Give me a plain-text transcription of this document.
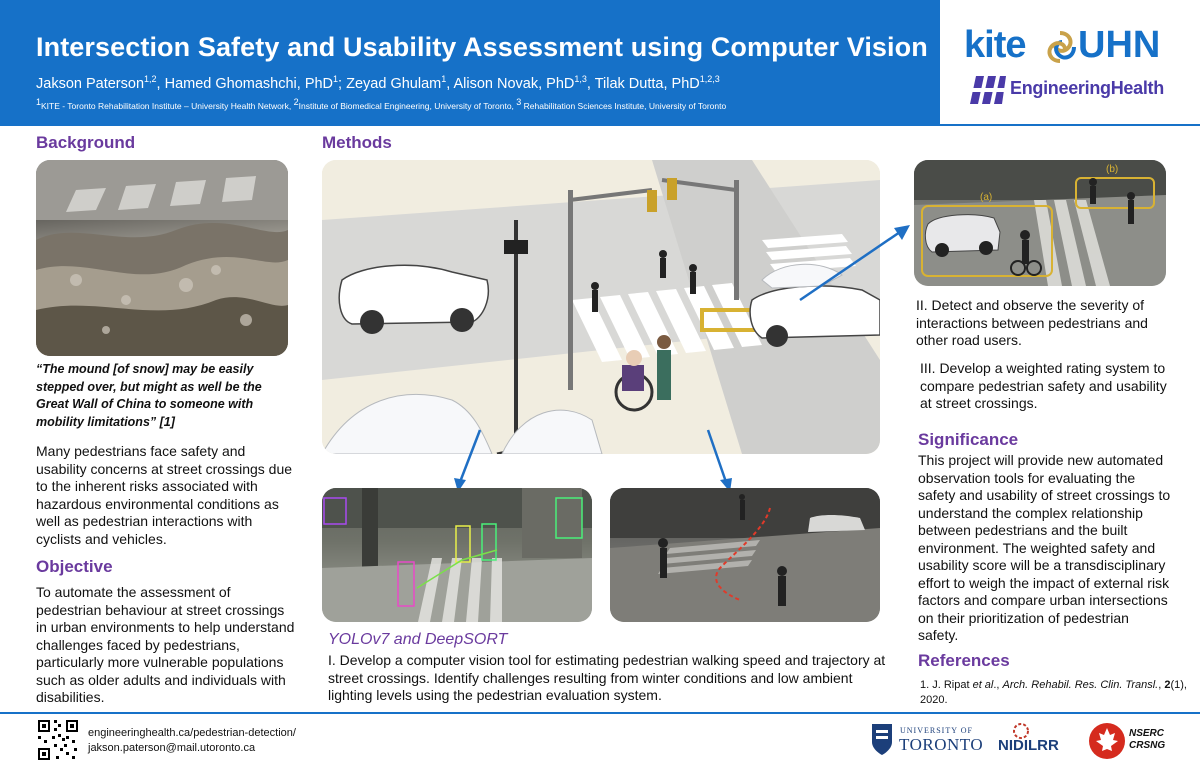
Intersection Safety and Usability Assessment using Computer Vision
Jakson Paterson$^{1,2}$, Hamed Ghomashchi, PhD$^1$; Zeyad Ghulam$^1$, Alison Novak, PhD$^{1,3}$, Tilak Dutta, PhD$^{1,2,3}$
$^1$KITE - Toronto Rehabilitation Institute – University Health Network, $^2$Institute of Biomedical Engineering, University of Toronto, $^3$ Rehabilitation Sciences Institute, University of Toronto
kite UHN
EngineeringHealth
Background
“The mound [of snow] may be easily stepped over, but might as well be the Great Wall of China to someone with mobility limitations” [1]
Many pedestrians face safety and usability concerns at street crossings due to the inherent risks associated with hazardous environmental conditions as well as pedestrian interactions with cyclists and vehicles.
Objective
To automate the assessment of pedestrian behaviour at street crossings in urban environments to help understand challenges faced by pedestrians, particularly more vulnerable populations such as older adults and individuals with disabilities.
Methods
YOLOv7 and DeepSORT
I. Develop a computer vision tool for estimating pedestrian walking speed and trajectory at street crossings. Identify challenges resulting from winter conditions and low ambient lighting levels using the pedestrian evaluation system.
(a)
(b)
II. Detect and observe the severity of interactions between pedestrians and other road users.
III. Develop a weighted rating system to compare pedestrian safety and usability at street crossings.
Significance
This project will provide new automated observation tools for evaluating the safety and usability of street crossings to understand the complex relationship between pedestrians and the built environment. The weighted safety and usability score will be a transdisciplinary effort to weigh the impact of external risk factors and compare urban intersections on their prioritization of pedestrian safety.
References
1. J. Ripat et al., Arch. Rehabil. Res. Clin. Transl., 2(1), 2020.
engineeringhealth.ca/pedestrian-detection/
jakson.paterson@mail.utoronto.ca
UNIVERSITY OF
TORONTO NIDILRR
NSERC
CRSNG
